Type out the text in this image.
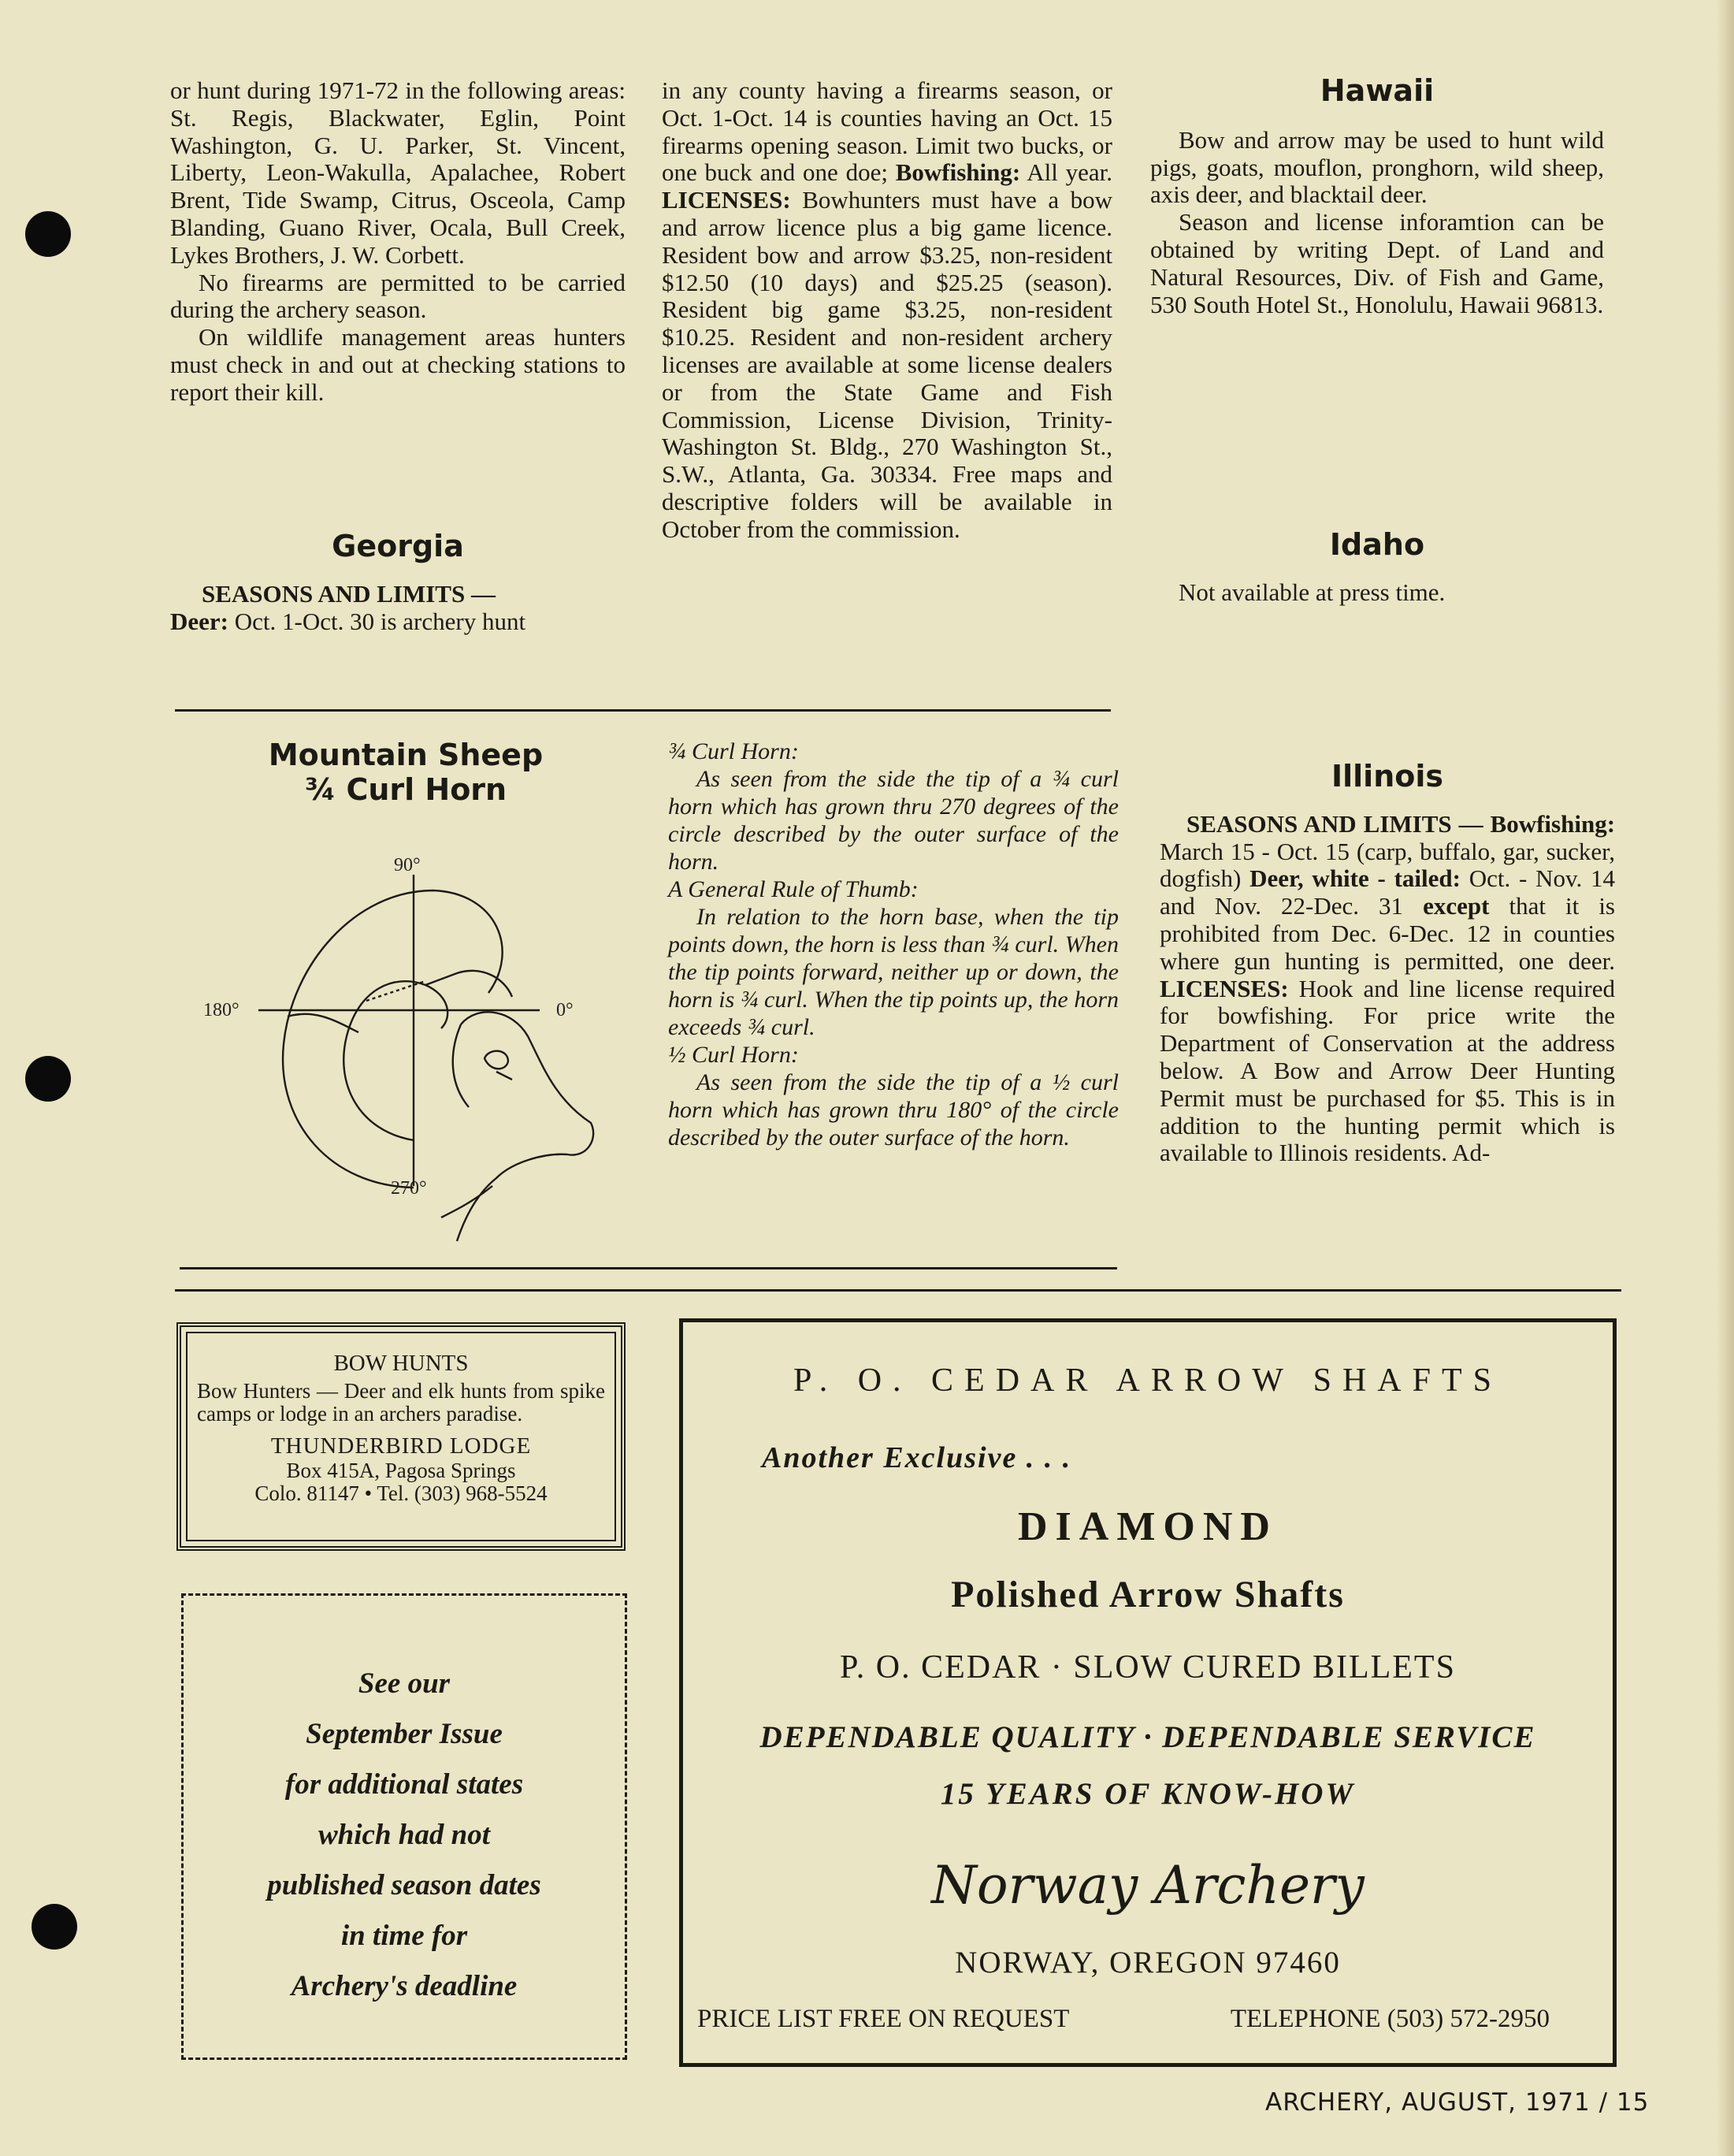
or hunt during 1971-72 in the following areas: St. Regis, Blackwater, Eglin, Point Washington, G. U. Parker, St. Vincent, Liberty, Leon-Wakulla, Apalachee, Robert Brent, Tide Swamp, Citrus, Osceola, Camp Blanding, Guano River, Ocala, Bull Creek, Lykes Brothers, J. W. Corbett.

No firearms are permitted to be carried during the archery season.

On wildlife management areas hunters must check in and out at checking stations to report their kill.

Georgia

SEASONS AND LIMITS —
Deer: Oct. 1-Oct. 30 is archery hunt

in any county having a firearms season, or Oct. 1-Oct. 14 is counties having an Oct. 15 firearms opening season. Limit two bucks, or one buck and one doe; Bowfishing: All year. LICENSES: Bowhunters must have a bow and arrow licence plus a big game licence. Resident bow and arrow $3.25, non-resident $12.50 (10 days) and $25.25 (season). Resident big game $3.25, non-resident $10.25. Resident and non-resident archery licenses are available at some license dealers or from the State Game and Fish Commission, License Division, Trinity-Washington St. Bldg., 270 Washington St., S.W., Atlanta, Ga. 30334. Free maps and descriptive folders will be available in October from the commission.

Hawaii

Bow and arrow may be used to hunt wild pigs, goats, mouflon, pronghorn, wild sheep, axis deer, and blacktail deer.

Season and license inforamtion can be obtained by writing Dept. of Land and Natural Resources, Div. of Fish and Game, 530 South Hotel St., Honolulu, Hawaii 96813.

Idaho

Not available at press time.

Illinois

SEASONS AND LIMITS — Bowfishing: March 15 - Oct. 15 (carp, buffalo, gar, sucker, dogfish) Deer, white - tailed: Oct. - Nov. 14 and Nov. 22-Dec. 31 except that it is prohibited from Dec. 6-Dec. 12 in counties where gun hunting is permitted, one deer. LICENSES: Hook and line license required for bowfishing. For price write the Department of Conservation at the address below. A Bow and Arrow Deer Hunting Permit must be purchased for $5. This is in addition to the hunting permit which is available to Illinois residents. Ad-

Mountain Sheep

¾ Curl Horn

90°
180°	0°
270°

¾ Curl Horn:

As seen from the side the tip of a ¾ curl horn which has grown thru 270 degrees of the circle described by the outer surface of the horn.

A General Rule of Thumb:

In relation to the horn base, when the tip points down, the horn is less than ¾ curl. When the tip points forward, neither up or down, the horn is ¾ curl. When the tip points up, the horn exceeds ¾ curl.

½ Curl Horn:

As seen from the side the tip of a ½ curl horn which has grown thru 180° of the circle described by the outer surface of the horn.

BOW HUNTS

Bow Hunters — Deer and elk hunts from spike camps or lodge in an archers paradise.

THUNDERBIRD LODGE

Box 415A, Pagosa Springs

Colo. 81147 • Tel. (303) 968-5524

See our
September Issue
for additional states
which had not
published season dates
in time for
Archery's deadline
P. O. CEDAR ARROW SHAFTS
Another Exclusive . . .
DIAMOND
Polished Arrow Shafts
P. O. CEDAR · SLOW CURED BILLETS
DEPENDABLE QUALITY · DEPENDABLE SERVICE
15 YEARS OF KNOW-HOW
Norway Archery
NORWAY, OREGON 97460
PRICE LIST FREE ON REQUEST	TELEPHONE (503) 572-2950
ARCHERY, AUGUST, 1971 / 15
